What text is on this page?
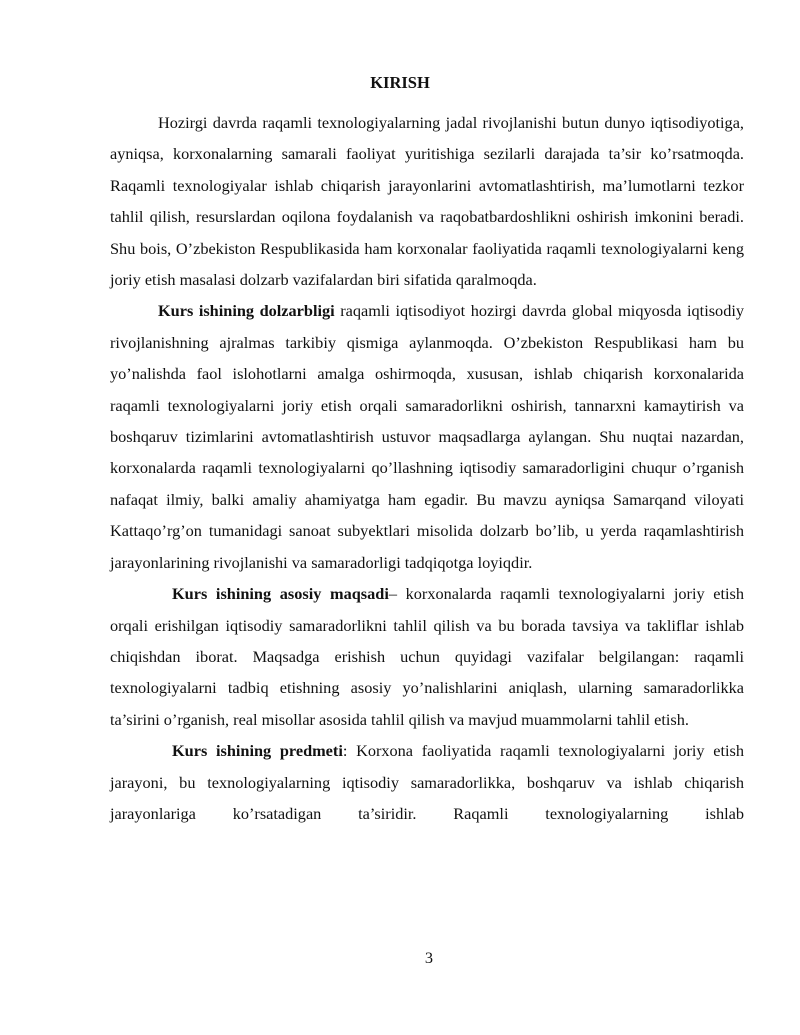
KIRISH

Hozirgi davrda raqamli texnologiyalarning jadal rivojlanishi butun dunyo iqtisodiyotiga, ayniqsa, korxonalarning samarali faoliyat yuritishiga sezilarli darajada ta’sir ko’rsatmoqda. Raqamli texnologiyalar ishlab chiqarish jarayonlarini avtomatlashtirish, ma’lumotlarni tezkor tahlil qilish, resurslardan oqilona foydalanish va raqobatbardoshlikni oshirish imkonini beradi. Shu bois, O’zbekiston Respublikasida ham korxonalar faoliyatida raqamli texnologiyalarni keng joriy etish masalasi dolzarb vazifalardan biri sifatida qaralmoqda.

Kurs ishining dolzarbligi raqamli iqtisodiyot hozirgi davrda global miqyosda iqtisodiy rivojlanishning ajralmas tarkibiy qismiga aylanmoqda. O’zbekiston Respublikasi ham bu yo’nalishda faol islohotlarni amalga oshirmoqda, xususan, ishlab chiqarish korxonalarida raqamli texnologiyalarni joriy etish orqali samaradorlikni oshirish, tannarxni kamaytirish va boshqaruv tizimlarini avtomatlashtirish ustuvor maqsadlarga aylangan. Shu nuqtai nazardan, korxonalarda raqamli texnologiyalarni qo’llashning iqtisodiy samaradorligini chuqur o’rganish nafaqat ilmiy, balki amaliy ahamiyatga ham egadir. Bu mavzu ayniqsa Samarqand viloyati Kattaqo’rg’on tumanidagi sanoat subyektlari misolida dolzarb bo’lib, u yerda raqamlashtirish jarayonlarining rivojlanishi va samaradorligi tadqiqotga loyiqdir.

Kurs ishining asosiy maqsadi– korxonalarda raqamli texnologiyalarni joriy etish orqali erishilgan iqtisodiy samaradorlikni tahlil qilish va bu borada tavsiya va takliflar ishlab chiqishdan iborat. Maqsadga erishish uchun quyidagi vazifalar belgilangan: raqamli texnologiyalarni tadbiq etishning asosiy yo’nalishlarini aniqlash, ularning samaradorlikka ta’sirini o’rganish, real misollar asosida tahlil qilish va mavjud muammolarni tahlil etish.

Kurs ishining predmeti: Korxona faoliyatida raqamli texnologiyalarni joriy etish jarayoni, bu texnologiyalarning iqtisodiy samaradorlikka, boshqaruv va ishlab chiqarish jarayonlariga ko’rsatadigan ta’siridir. Raqamli texnologiyalarning ishlab

3
